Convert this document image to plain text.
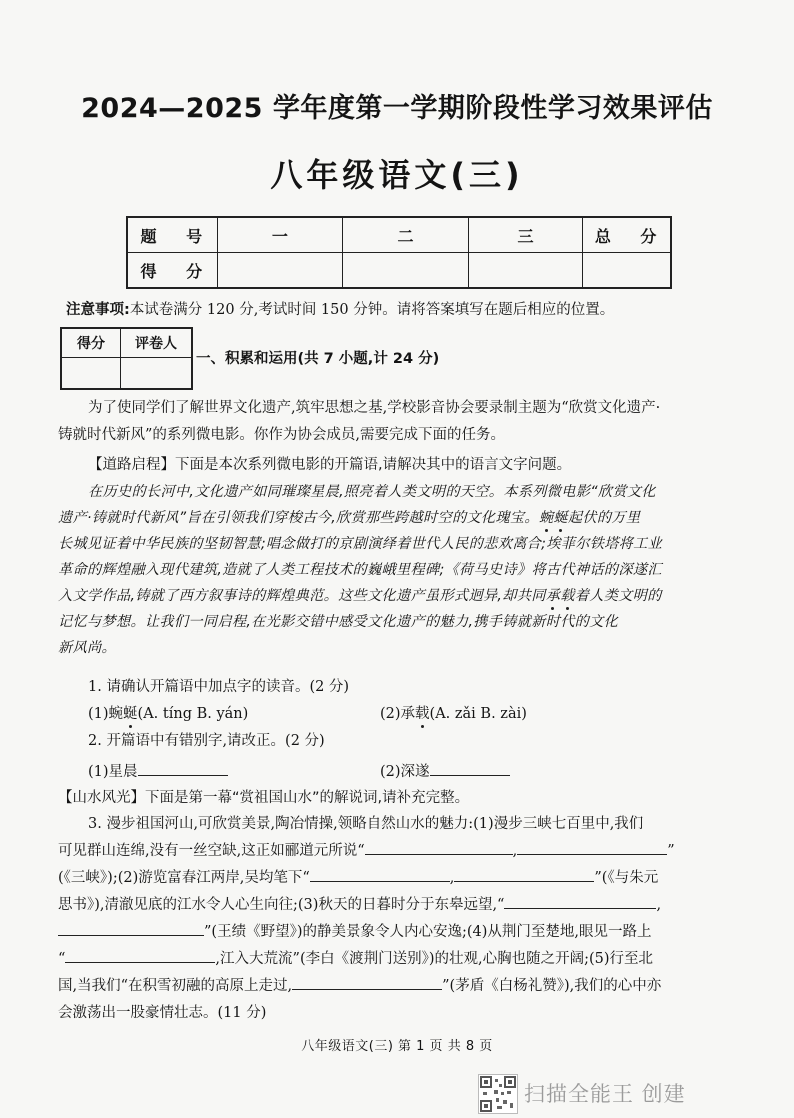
2024—2025 学年度第一学期阶段性学习效果评估
八年级语文(三)
题 号	一	二	三	总 分
得 分				
注意事项:本试卷满分 120 分,考试时间 150 分钟。请将答案填写在题后相应的位置。
得分	评卷人

一、积累和运用(共 7 小题,计 24 分)
为了使同学们了解世界文化遗产,筑牢思想之基,学校影音协会要录制主题为“欣赏文化遗产·
铸就时代新风”的系列微电影。你作为协会成员,需要完成下面的任务。
【道路启程】下面是本次系列微电影的开篇语,请解决其中的语言文字问题。
在历史的长河中,文化遗产如同璀璨星晨,照亮着人类文明的天空。本系列微电影“欣赏文化
遗产·铸就时代新风”旨在引领我们穿梭古今,欣赏那些跨越时空的文化瑰宝。蜿蜒起伏的万里
长城见证着中华民族的坚韧智慧;唱念做打的京剧演绎着世代人民的悲欢离合;埃菲尔铁塔将工业
革命的辉煌融入现代建筑,造就了人类工程技术的巍峨里程碑;《荷马史诗》将古代神话的深遂汇
入文学作品,铸就了西方叙事诗的辉煌典范。这些文化遗产虽形式迥异,却共同承载着人类文明的
记忆与梦想。让我们一同启程,在光影交错中感受文化遗产的魅力,携手铸就新时代的文化
新风尚。
1. 请确认开篇语中加点字的读音。(2 分)
(1)蜿蜒(A. tíng B. yán)	(2)承载(A. zǎi B. zài)
2. 开篇语中有错别字,请改正。(2 分)
(1)星晨	(2)深遂
【山水风光】下面是第一幕“赏祖国山水”的解说词,请补充完整。
3. 漫步祖国河山,可欣赏美景,陶冶情操,领略自然山水的魅力:(1)漫步三峡七百里中,我们
可见群山连绵,没有一丝空缺,这正如郦道元所说“	,	”
(《三峡》);(2)游览富春江两岸,吴均笔下“	,	”(《与朱元
思书》),清澈见底的江水令人心生向往;(3)秋天的日暮时分于东皋远望,“	,
”(王绩《野望》)的静美景象令人内心安逸;(4)从荆门至楚地,眼见一路上
“	,江入大荒流”(李白《渡荆门送别》)的壮观,心胸也随之开阔;(5)行至北
国,当我们“在积雪初融的高原上走过,	”(茅盾《白杨礼赞》),我们的心中亦
会激荡出一股豪情壮志。(11 分)
八年级语文(三) 第 1 页 共 8 页
扫描全能王 创建
